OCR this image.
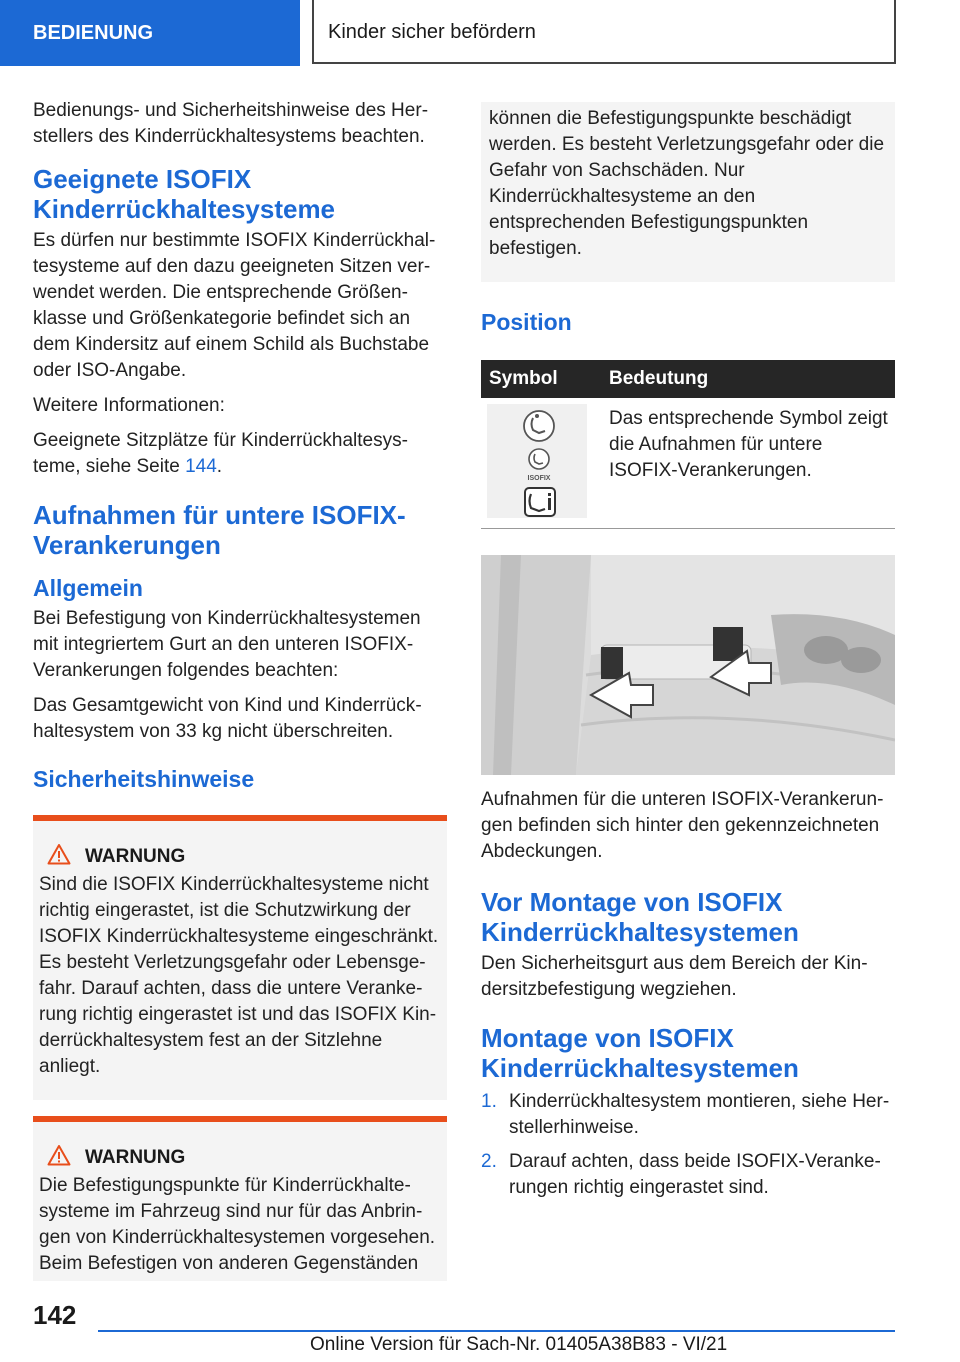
BEDIENUNG	Kinder sicher befördern

Bedienungs- und Sicherheitshinweise des Herstellers des Kinderrückhaltesystems beachten.

Geeignete ISOFIX Kinderrückhaltesysteme

Es dürfen nur bestimmte ISOFIX Kinderrückhaltesysteme auf den dazu geeigneten Sitzen verwendet werden. Die entsprechende Größenklasse und Größenkategorie befindet sich an dem Kindersitz auf einem Schild als Buchstabe oder ISO-Angabe.

Weitere Informationen:

Geeignete Sitzplätze für Kinderrückhaltesysteme, siehe Seite 144.

Aufnahmen für untere ISOFIX-Verankerungen
Allgemein

Bei Befestigung von Kinderrückhaltesystemen mit integriertem Gurt an den unteren ISOFIX-Verankerungen folgendes beachten:

Das Gesamtgewicht von Kind und Kinderrückhaltesystem von 33 kg nicht überschreiten.

Sicherheitshinweise
WARNUNG

Sind die ISOFIX Kinderrückhaltesysteme nicht richtig eingerastet, ist die Schutzwirkung der ISOFIX Kinderrückhaltesysteme eingeschränkt. Es besteht Verletzungsgefahr oder Lebensgefahr. Darauf achten, dass die untere Verankerung richtig eingerastet ist und das ISOFIX Kinderrückhaltesystem fest an der Sitzlehne anliegt.

WARNUNG

Die Befestigungspunkte für Kinderrückhaltesysteme im Fahrzeug sind nur für das Anbringen von Kinderrückhaltesystemen vorgesehen. Beim Befestigen von anderen Gegenständen

können die Befestigungspunkte beschädigt werden. Es besteht Verletzungsgefahr oder die Gefahr von Sachschäden. Nur Kinderrückhaltesysteme an den entsprechenden Befestigungspunkten befestigen.

Position
Symbol	Bedeutung

ISOFIX	Das entsprechende Symbol zeigt die Aufnahmen für untere ISOFIX-Verankerungen.

Aufnahmen für die unteren ISOFIX-Verankerungen befinden sich hinter den gekennzeichneten Abdeckungen.

Vor Montage von ISOFIX Kinderrückhaltesystemen

Den Sicherheitsgurt aus dem Bereich der Kindersitzbefestigung wegziehen.

Montage von ISOFIX Kinderrückhaltesystemen
1. Kinderrückhaltesystem montieren, siehe Herstellerhinweise.
2. Darauf achten, dass beide ISOFIX-Verankerungen richtig eingerastet sind.
142
Online Version für Sach-Nr. 01405A38B83 - VI/21
